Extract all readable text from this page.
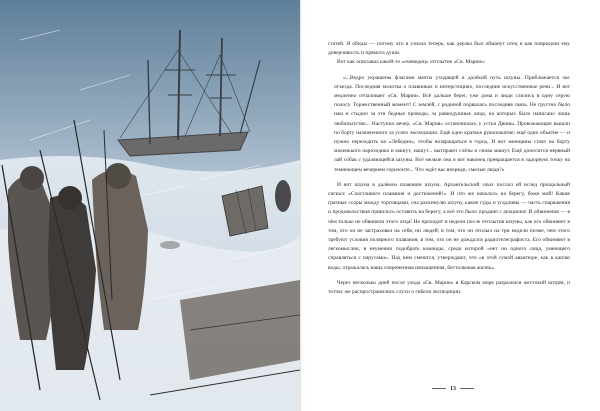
статей. Я обиды — потому что я узнала теперь, как дерзко был обманут отец и как повредили ему доверчивость и прямота души.

Вот как описывал какой-то «очевидец» отплытие «Св. Марии»:

«...Ведро украшены флагами мачты уходящей в далёкий путь шхуны. Приближается час отъезда. Последняя молотка о плавниках и интерстициях, последние искусственные речи... И вот медленно отчаливает «Св. Мария». Всё дальше берег, уже дома и люди слились в одну серую полосу. Торжественный момент! С землёй, с родиной порвалась последняя связь. Не грустно было нам и стыдно за эти бедные проводы, за равнодушные лица, на которых было написано лишь любопытство... Настунил вечер. «Св. Мария» остановилась у устья Двины. Провожающие вышли по борту назначенного за успех экспедиции. Ещё одно краткое рукопожатие; ещё одно объятие — и нужно переходить на «Лебедин», чтобы возвращаться в город. И вот женщины стоят на борту маленького пароходика и машут, машут... вытирают слёзы и снова машут. Ещё доносится нервный лай собак с удаляющейся шхуны. Всё мельче она и вот наконец превращается в задорную точку на темнеющем вечернем горизонте... Что ждёт вас впереди, смелые люди?»

И вот шхуна в далёком плавании шхуна. Архангельский злых послал ей вслед прощальный сигнал: «Счастливого плавания и достижений!». И что же началось на берегу, боже мой! Какие грязные ссоры между торговцами, сна раскинулю шхуну, какие суды и угадливы — часть снаряжения и продовольствия пришлось оставить на берегу, а всё это было продано с аукциона! И обвинения — в чём только не обвиняли этого отца! Не проходит и недели после отплытия шхуны, как его обвиняют в том, что он не застраховал на себя, ни людей; в том, что он отплыл на три недели позже, чем этого требуют условия полярного плавания; в том, что он не дождался радиотелеграфиста. Его обвиняют в легкомыслии, в неумении подобрать команды, среди которой «нет ни одного лица, умеющего справляться с парусами». Над ним смеются, утверждают, что «в этой сумой авантюре, как в каплю воды, отражалась наша современная напыщенная, бестолковая жизнь».

Через несколько дней после ухода «Св. Марии» в Карском море разразился жестокий шторм, и тотчас же распространились слухи о гибели экспедиции.

13
